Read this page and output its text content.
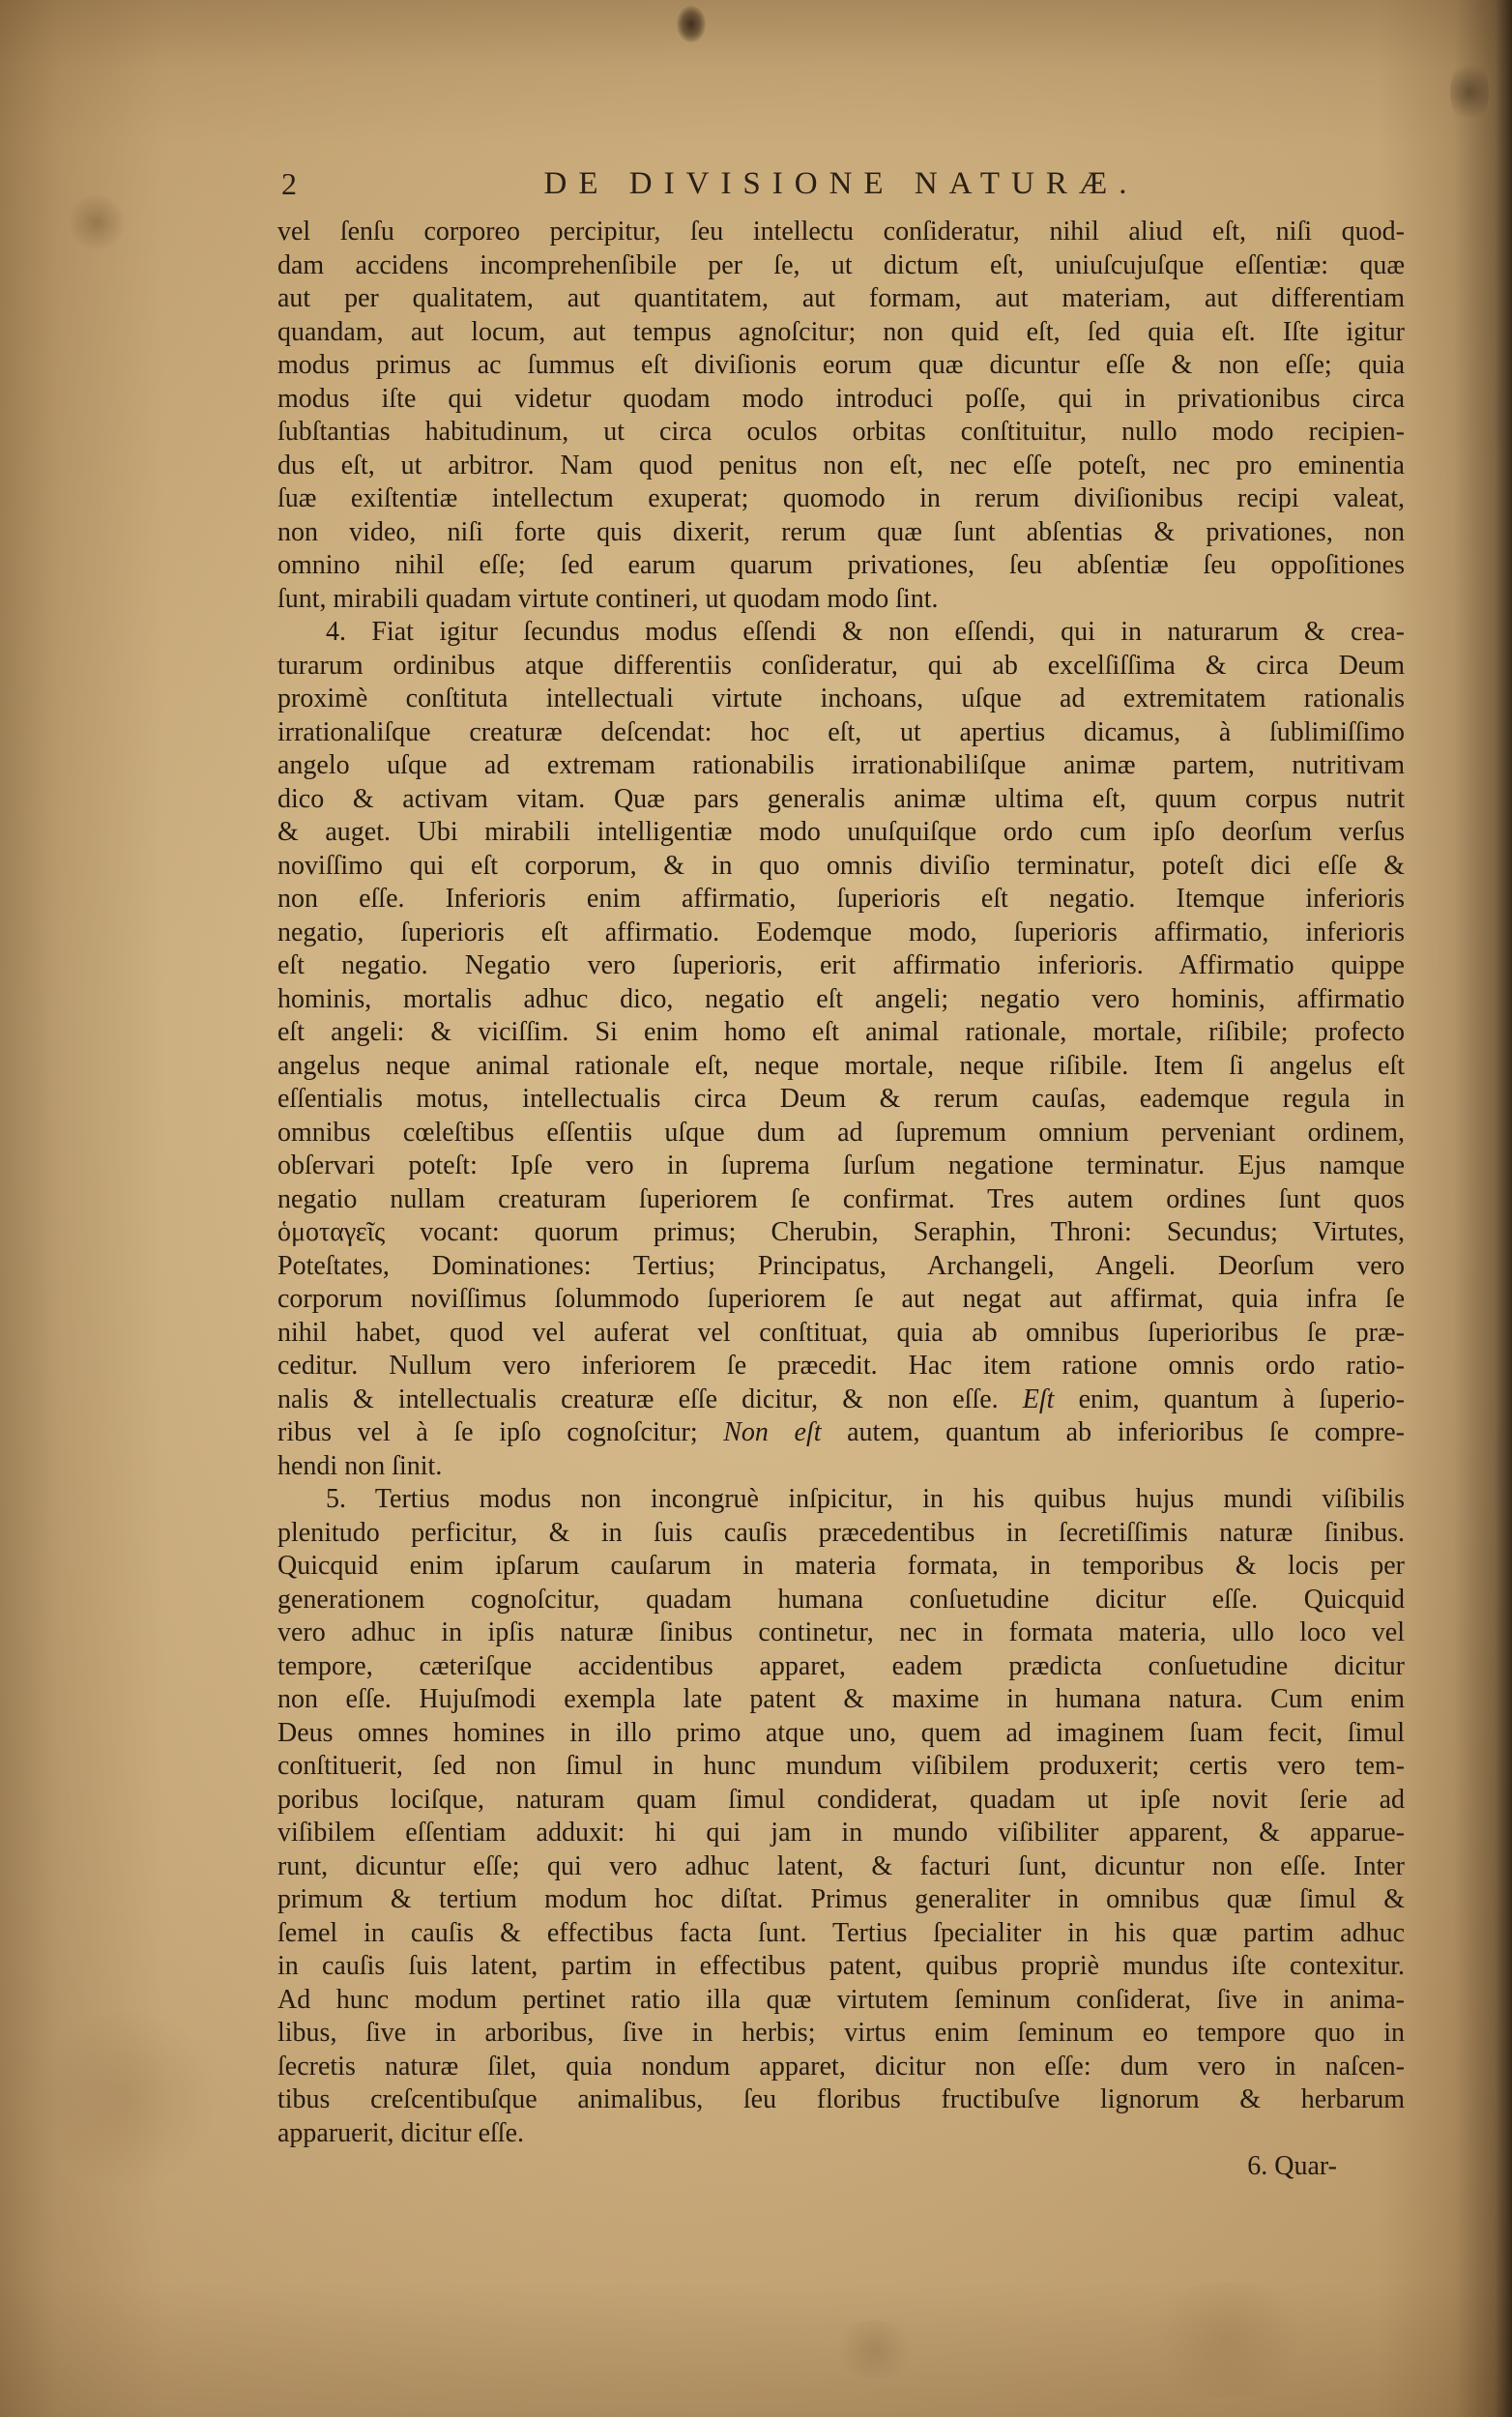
2	DE DIVISIONE NATURÆ.
vel ſenſu corporeo percipitur, ſeu intellectu conſideratur, nihil aliud eſt, niſi quod-
dam accidens incomprehenſibile per ſe, ut dictum eſt, uniuſcujuſque eſſentiæ: quæ
aut per qualitatem, aut quantitatem, aut formam, aut materiam, aut differentiam
quandam, aut locum, aut tempus agnoſcitur; non quid eſt, ſed quia eſt. Iſte igitur
modus primus ac ſummus eſt diviſionis eorum quæ dicuntur eſſe & non eſſe; quia
modus iſte qui videtur quodam modo introduci poſſe, qui in privationibus circa
ſubſtantias habitudinum, ut circa oculos orbitas conſtituitur, nullo modo recipien-
dus eſt, ut arbitror. Nam quod penitus non eſt, nec eſſe poteſt, nec pro eminentia
ſuæ exiſtentiæ intellectum exuperat; quomodo in rerum diviſionibus recipi valeat,
non video, niſi forte quis dixerit, rerum quæ ſunt abſentias & privationes, non
omnino nihil eſſe; ſed earum quarum privationes, ſeu abſentiæ ſeu oppoſitiones
ſunt, mirabili quadam virtute contineri, ut quodam modo ſint.
4. Fiat igitur ſecundus modus eſſendi & non eſſendi, qui in naturarum & crea-
turarum ordinibus atque differentiis conſideratur, qui ab excelſiſſima & circa Deum
proximè conſtituta intellectuali virtute inchoans, uſque ad extremitatem rationalis
irrationaliſque creaturæ deſcendat: hoc eſt, ut apertius dicamus, à ſublimiſſimo
angelo uſque ad extremam rationabilis irrationabiliſque animæ partem, nutritivam
dico & activam vitam. Quæ pars generalis animæ ultima eſt, quum corpus nutrit
& auget. Ubi mirabili intelligentiæ modo unuſquiſque ordo cum ipſo deorſum verſus
noviſſimo qui eſt corporum, & in quo omnis diviſio terminatur, poteſt dici eſſe &
non eſſe. Inferioris enim affirmatio, ſuperioris eſt negatio. Itemque inferioris
negatio, ſuperioris eſt affirmatio. Eodemque modo, ſuperioris affirmatio, inferioris
eſt negatio. Negatio vero ſuperioris, erit affirmatio inferioris. Affirmatio quippe
hominis, mortalis adhuc dico, negatio eſt angeli; negatio vero hominis, affirmatio
eſt angeli: & viciſſim. Si enim homo eſt animal rationale, mortale, riſibile; profecto
angelus neque animal rationale eſt, neque mortale, neque riſibile. Item ſi angelus eſt
eſſentialis motus, intellectualis circa Deum & rerum cauſas, eademque regula in
omnibus cœleſtibus eſſentiis uſque dum ad ſupremum omnium perveniant ordinem,
obſervari poteſt: Ipſe vero in ſuprema ſurſum negatione terminatur. Ejus namque
negatio nullam creaturam ſuperiorem ſe confirmat. Tres autem ordines ſunt quos
ὁμοταγεῖς vocant: quorum primus; Cherubin, Seraphin, Throni: Secundus; Virtutes,
Poteſtates, Dominationes: Tertius; Principatus, Archangeli, Angeli. Deorſum vero
corporum noviſſimus ſolummodo ſuperiorem ſe aut negat aut affirmat, quia infra ſe
nihil habet, quod vel auferat vel conſtituat, quia ab omnibus ſuperioribus ſe præ-
ceditur. Nullum vero inferiorem ſe præcedit. Hac item ratione omnis ordo ratio-
nalis & intellectualis creaturæ eſſe dicitur, & non eſſe. Eſt enim, quantum à ſuperio-
ribus vel à ſe ipſo cognoſcitur; Non eſt autem, quantum ab inferioribus ſe compre-
hendi non ſinit.
5. Tertius modus non incongruè inſpicitur, in his quibus hujus mundi viſibilis
plenitudo perficitur, & in ſuis cauſis præcedentibus in ſecretiſſimis naturæ ſinibus.
Quicquid enim ipſarum cauſarum in materia formata, in temporibus & locis per
generationem cognoſcitur, quadam humana conſuetudine dicitur eſſe. Quicquid
vero adhuc in ipſis naturæ ſinibus continetur, nec in formata materia, ullo loco vel
tempore, cæteriſque accidentibus apparet, eadem prædicta conſuetudine dicitur
non eſſe. Hujuſmodi exempla late patent & maxime in humana natura. Cum enim
Deus omnes homines in illo primo atque uno, quem ad imaginem ſuam fecit, ſimul
conſtituerit, ſed non ſimul in hunc mundum viſibilem produxerit; certis vero tem-
poribus lociſque, naturam quam ſimul condiderat, quadam ut ipſe novit ſerie ad
viſibilem eſſentiam adduxit: hi qui jam in mundo viſibiliter apparent, & apparue-
runt, dicuntur eſſe; qui vero adhuc latent, & facturi ſunt, dicuntur non eſſe. Inter
primum & tertium modum hoc diſtat. Primus generaliter in omnibus quæ ſimul &
ſemel in cauſis & effectibus facta ſunt. Tertius ſpecialiter in his quæ partim adhuc
in cauſis ſuis latent, partim in effectibus patent, quibus propriè mundus iſte contexitur.
Ad hunc modum pertinet ratio illa quæ virtutem ſeminum conſiderat, ſive in anima-
libus, ſive in arboribus, ſive in herbis; virtus enim ſeminum eo tempore quo in
ſecretis naturæ ſilet, quia nondum apparet, dicitur non eſſe: dum vero in naſcen-
tibus creſcentibuſque animalibus, ſeu floribus fructibuſve lignorum & herbarum
apparuerit, dicitur eſſe.
6. Quar-
